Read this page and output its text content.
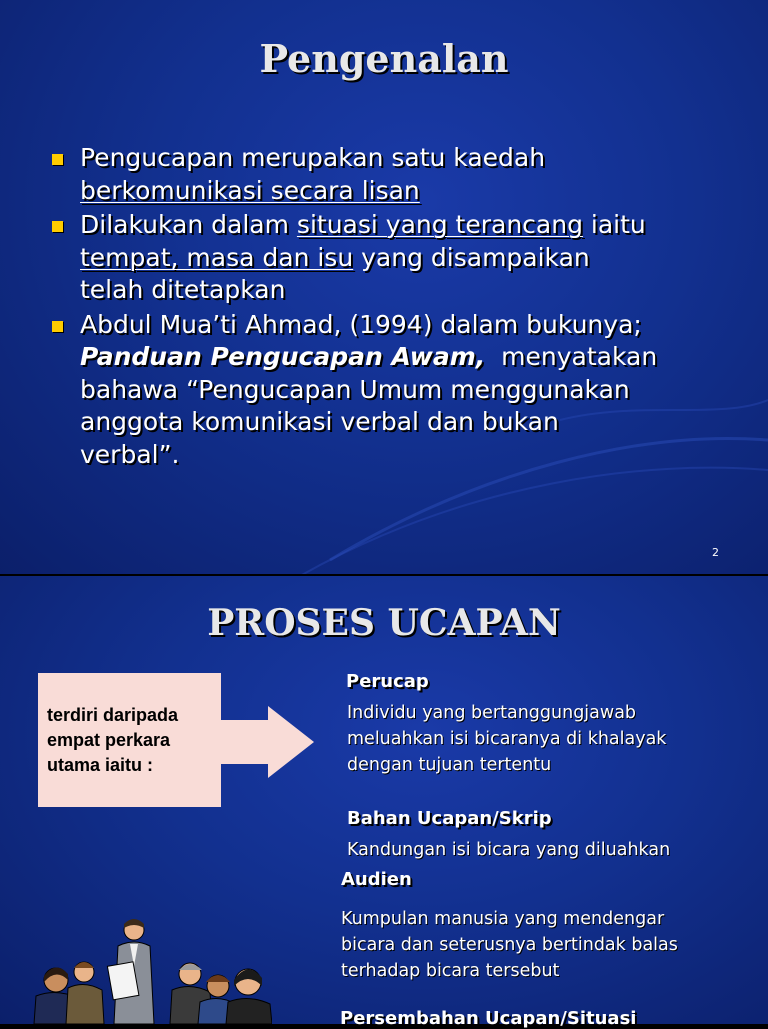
Pengenalan
Pengucapan merupakan satu kaedah
berkomunikasi secara lisan
Dilakukan dalam situasi yang terancang iaitu
tempat, masa dan isu yang disampaikan
telah ditetapkan
Abdul Mua’ti Ahmad, (1994) dalam bukunya;
Panduan Pengucapan Awam,  menyatakan
bahawa “Pengucapan Umum menggunakan
anggota komunikasi verbal dan bukan
verbal”.
2
PROSES UCAPAN
terdiri daripada
empat perkara
utama iaitu :
Perucap
Individu yang bertanggungjawab
meluahkan isi bicaranya di khalayak
dengan tujuan tertentu
Bahan Ucapan/Skrip
Kandungan isi bicara yang diluahkan
Audien
Kumpulan manusia yang mendengar
bicara dan seterusnya bertindak balas
terhadap bicara tersebut
Persembahan Ucapan/Situasi
